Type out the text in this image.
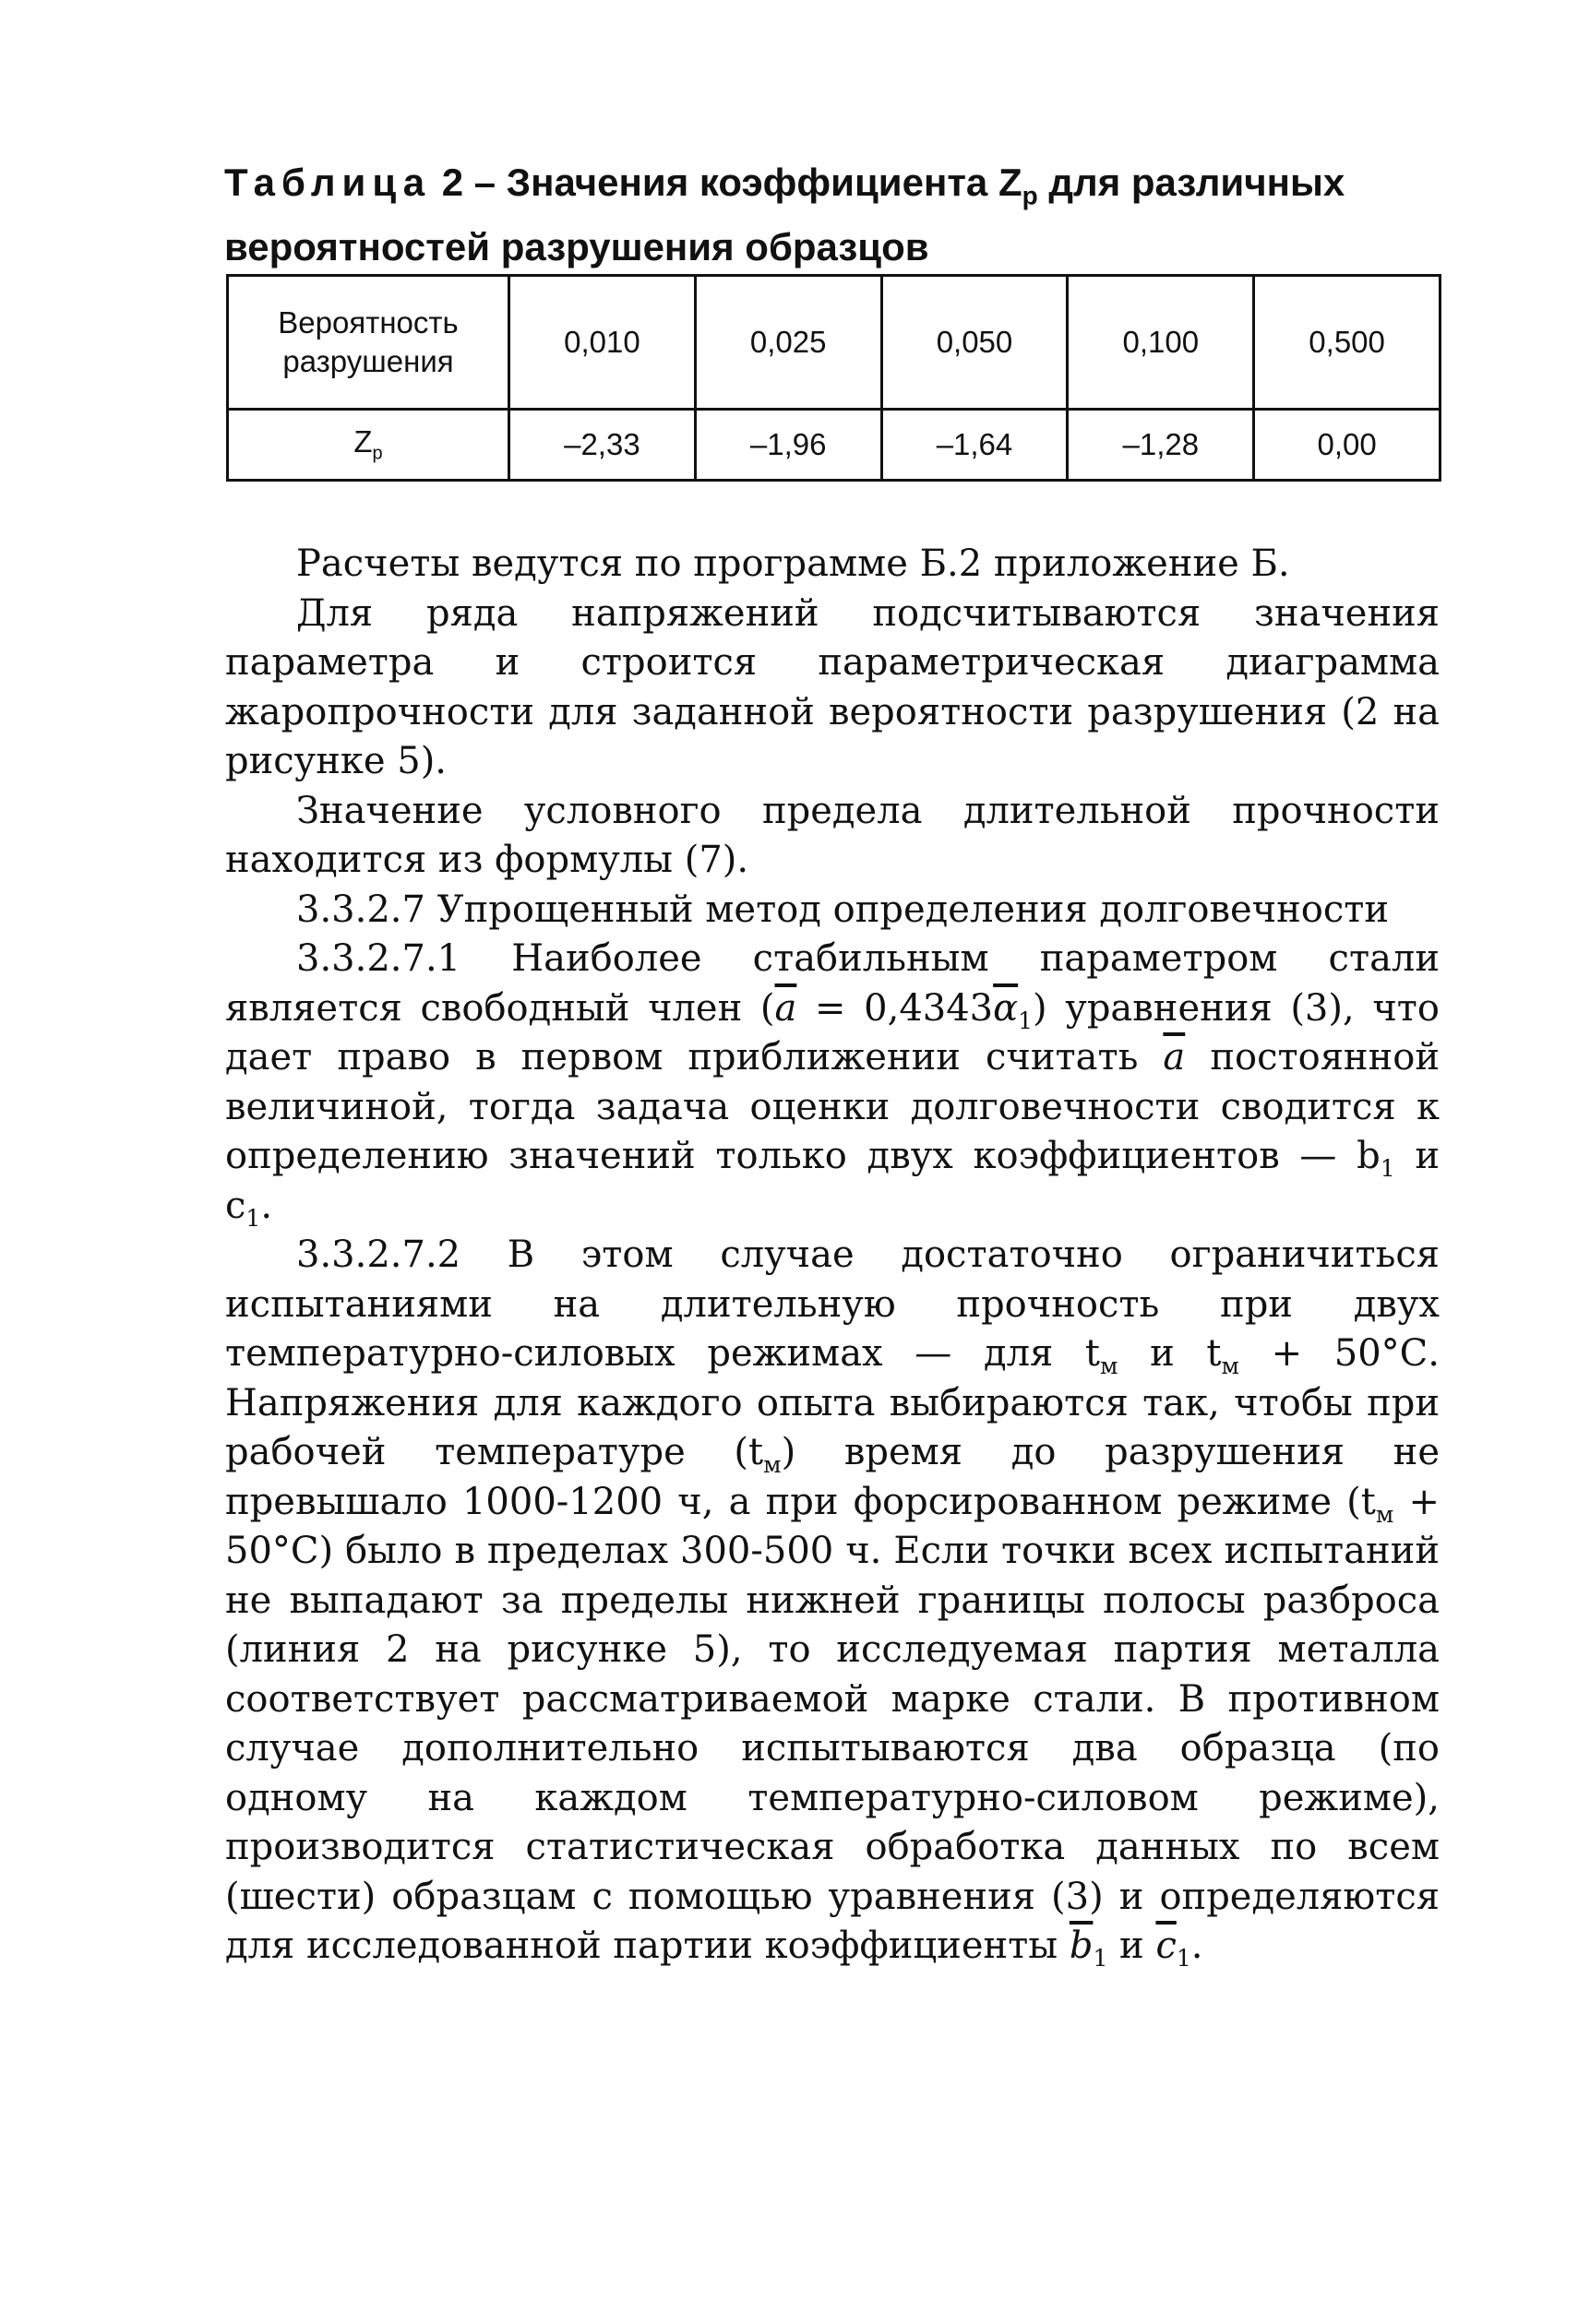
Таблица 2 – Значения коэффициента $Z_р$ для различных вероятностей разрушения образцов
Вероятность разрушения	0,010	0,025	0,050	0,100	0,500
$Z_р$	–2,33	–1,96	–1,64	–1,28	0,00

Расчеты ведутся по программе Б.2 приложение Б.

Для ряда напряжений подсчитываются значения параметра и строится параметрическая диаграмма жаропрочности для заданной вероятности разрушения (2 на рисунке 5).

Значение условного предела длительной прочности находится из формулы (7).

3.3.2.7 Упрощенный метод определения долговечности

3.3.2.7.1 Наиболее стабильным параметром стали является свободный член $(\overline{a} = 0,4343\overline{\alpha}_1)$ уравнения (3), что дает право в первом приближении считать $\overline{a}$ постоянной величиной, тогда задача оценки долговечности сводится к определению значений только двух коэффициентов — $b_1$ и $c_1$.

3.3.2.7.2 В этом случае достаточно ограничиться испытаниями на длительную прочность при двух температурно-силовых режимах — для $t_м$ и $t_м + 50^\circ С$. Напряжения для каждого опыта выбираются так, чтобы при рабочей температуре $(t_м)$ время до разрушения не превышало 1000-1200 ч, а при форсированном режиме $(t_м + 50^\circ С)$ было в пределах 300-500 ч. Если точки всех испытаний не выпадают за пределы нижней границы полосы разброса (линия 2 на рисунке 5), то исследуемая партия металла соответствует рассматриваемой марке стали. В противном случае дополнительно испытываются два образца (по одному на каждом температурно-силовом режиме), производится статистическая обработка данных по всем (шести) образцам с помощью уравнения (3) и определяются для исследованной партии коэффициенты $\overline{b}_1$ и $\overline{c}_1$.
